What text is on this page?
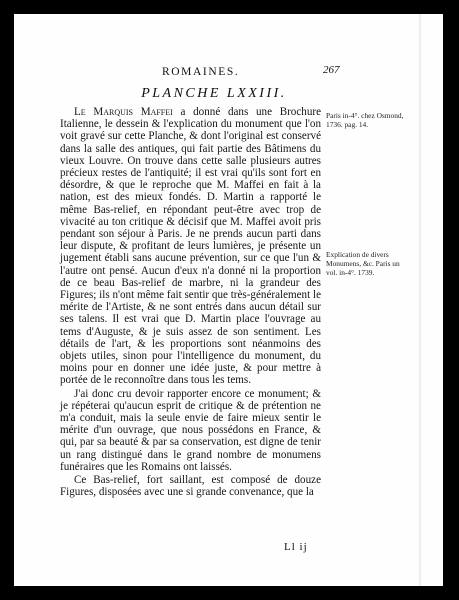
ROMAINES.	267
PLANCHE LXXIII.

Le Marquis Maffei a donné dans une Brochure Italienne, le dessein & l'explication du monument que l'on voit gravé sur cette Planche, & dont l'original est conservé dans la salle des antiques, qui fait partie des Bâtimens du vieux Louvre. On trouve dans cette salle plusieurs autres précieux restes de l'antiquité; il est vrai qu'ils sont fort en désordre, & que le reproche que M. Maffei en fait à la nation, est des mieux fondés. D. Martin a rapporté le même Bas-relief, en répondant peut-être avec trop de vivacité au ton critique & décisif que M. Maffei avoit pris pendant son séjour à Paris. Je ne prends aucun parti dans leur dispute, & profitant de leurs lumières, je présente un jugement établi sans aucune prévention, sur ce que l'un & l'autre ont pensé. Aucun d'eux n'a donné ni la proportion de ce beau Bas-relief de marbre, ni la grandeur des Figures; ils n'ont même fait sentir que très-généralement le mérite de l'Artiste, & ne sont entrés dans aucun détail sur ses talens. Il est vrai que D. Martin place l'ouvrage au tems d'Auguste, & je suis assez de son sentiment. Les détails de l'art, & les proportions sont néanmoins des objets utiles, sinon pour l'intelligence du monument, du moins pour en donner une idée juste, & pour mettre à portée de le reconnoître dans tous les tems.

J'ai donc cru devoir rapporter encore ce monument; & je répéterai qu'aucun esprit de critique & de prétention ne m'a conduit, mais la seule envie de faire mieux sentir le mérite d'un ouvrage, que nous possédons en France, & qui, par sa beauté & par sa conservation, est digne de tenir un rang distingué dans le grand nombre de monumens funéraires que les Romains ont laissés.

Ce Bas-relief, fort saillant, est composé de douze Figures, disposées avec une si grande convenance, que la

Paris in-4°. chez Osmond, 1736. pag. 14.
Explication de divers Monumens, &c. Paris un vol. in-4°. 1739.
Ll ij
